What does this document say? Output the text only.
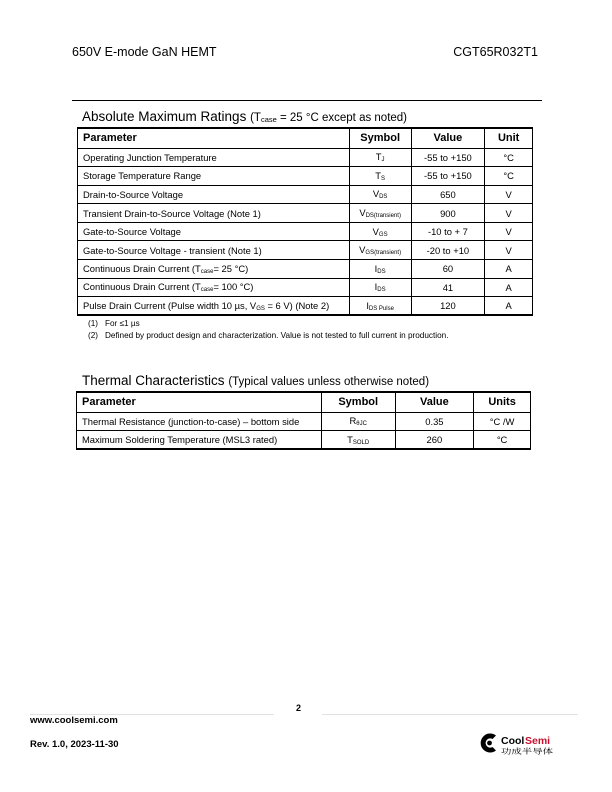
650V E-mode GaN HEMT	CGT65R032T1
Absolute Maximum Ratings ($T_{case} = 25$ °C except as noted)
Parameter	Symbol	Value	Unit
Operating Junction Temperature	$T_J$	-55 to +150	°C
Storage Temperature Range	$T_S$	-55 to +150	°C
Drain-to-Source Voltage	$V_{DS}$	650	V
Transient Drain-to-Source Voltage (Note 1)	$V_{DS(transient)}$	900	V
Gate-to-Source Voltage	$V_{GS}$	-10 to + 7	V
Gate-to-Source Voltage - transient (Note 1)	$V_{GS(transient)}$	-20 to +10	V
Continuous Drain Current ($T_{case}= 25$ °C)	$I_{DS}$	60	A
Continuous Drain Current ($T_{case}= 100$ °C)	$I_{DS}$	41	A
Pulse Drain Current (Pulse width 10 µs, $V_{GS} = 6$ V) (Note 2)	$I_{DS Pulse}$	120	A
(1) For ≤1 µs
(2) Defined by product design and characterization. Value is not tested to full current in production.
Thermal Characteristics (Typical values unless otherwise noted)
Parameter	Symbol	Value	Units
Thermal Resistance (junction-to-case) – bottom side	$R_{\theta JC}$	0.35	°C /W
Maximum Soldering Temperature (MSL3 rated)	$T_{SOLD}$	260	°C
2
www.coolsemi.com
Rev. 1.0, 2023-11-30	Cool Semi
功成半导体
